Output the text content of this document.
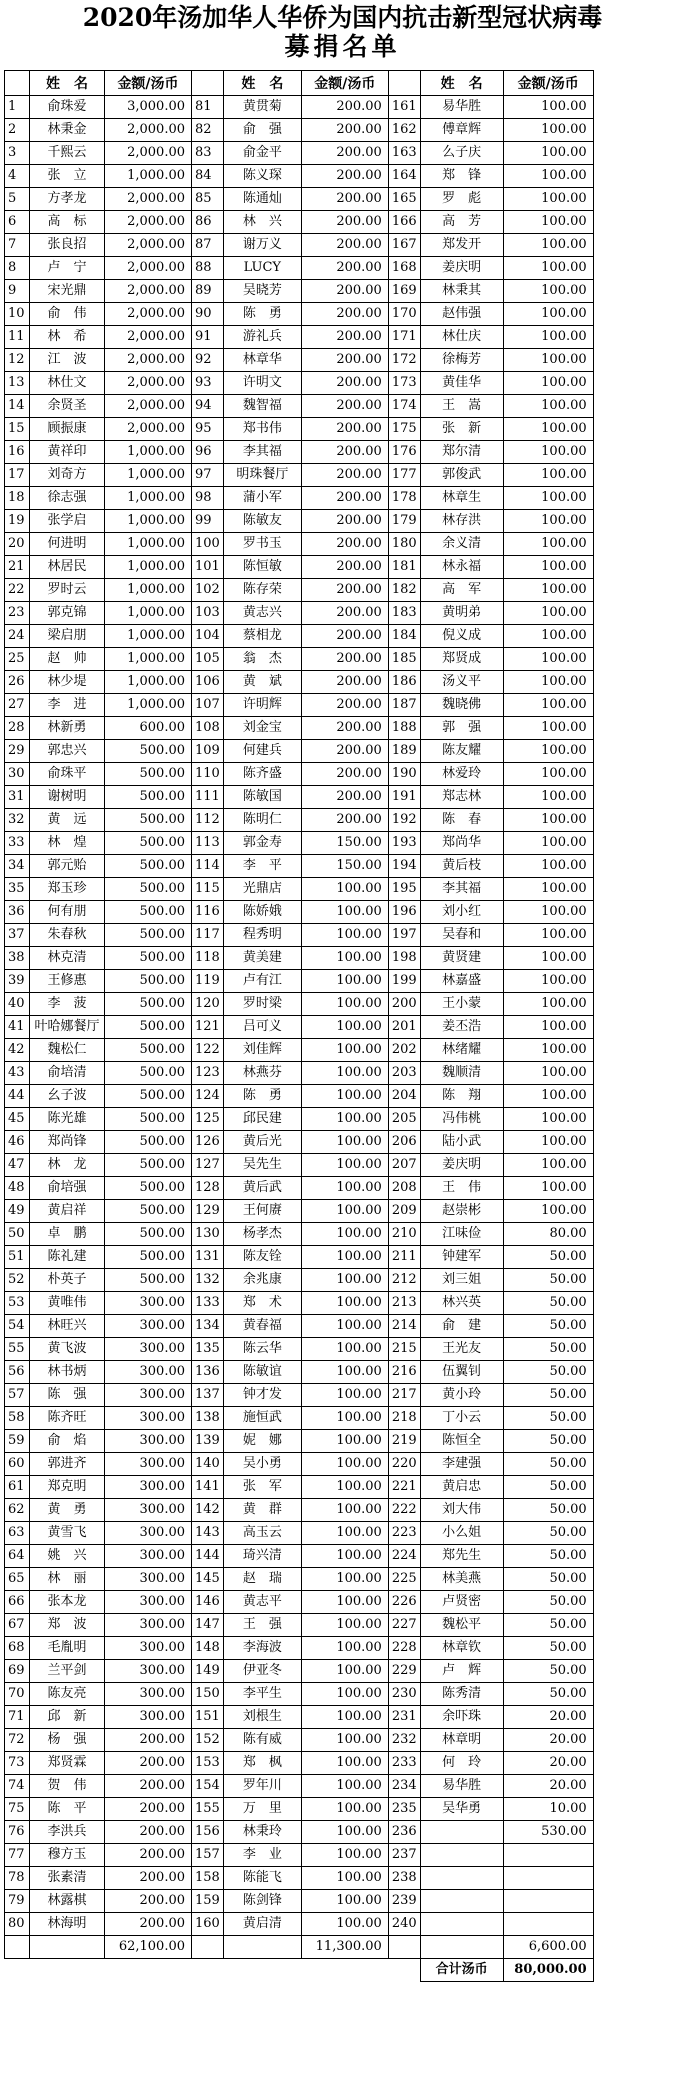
2020年汤加华人华侨为国内抗击新型冠状病毒
募捐名单
	姓　名	金额/汤币		姓　名	金额/汤币		姓　名	金额/汤币
1	俞珠爱	3,000.00	81	黄贯菊	200.00	161	易华胜	100.00
2	林秉金	2,000.00	82	俞　强	200.00	162	傅章辉	100.00
3	千熙云	2,000.00	83	俞金平	200.00	163	么子庆	100.00
4	张　立	1,000.00	84	陈义琛	200.00	164	郑　锋	100.00
5	方孝龙	2,000.00	85	陈通灿	200.00	165	罗　彪	100.00
6	高　标	2,000.00	86	林　兴	200.00	166	高　芳	100.00
7	张良招	2,000.00	87	谢万义	200.00	167	郑发开	100.00
8	卢　宁	2,000.00	88	LUCY	200.00	168	姜庆明	100.00
9	宋光鼎	2,000.00	89	吴晓芳	200.00	169	林秉其	100.00
10	俞　伟	2,000.00	90	陈　勇	200.00	170	赵伟强	100.00
11	林　希	2,000.00	91	游礼兵	200.00	171	林仕庆	100.00
12	江　波	2,000.00	92	林章华	200.00	172	徐梅芳	100.00
13	林仕文	2,000.00	93	许明文	200.00	173	黄佳华	100.00
14	余贤圣	2,000.00	94	魏智福	200.00	174	王　嵩	100.00
15	顾振康	2,000.00	95	郑书伟	200.00	175	张　新	100.00
16	黄祥印	1,000.00	96	李其福	200.00	176	郑尔清	100.00
17	刘奇方	1,000.00	97	明珠餐厅	200.00	177	郭俊武	100.00
18	徐志强	1,000.00	98	蒲小军	200.00	178	林章生	100.00
19	张学启	1,000.00	99	陈敏友	200.00	179	林存洪	100.00
20	何进明	1,000.00	100	罗书玉	200.00	180	余义清	100.00
21	林居民	1,000.00	101	陈恒敏	200.00	181	林永福	100.00
22	罗时云	1,000.00	102	陈存荣	200.00	182	高　军	100.00
23	郭克锦	1,000.00	103	黄志兴	200.00	183	黄明弟	100.00
24	梁启朋	1,000.00	104	蔡相龙	200.00	184	倪义成	100.00
25	赵　帅	1,000.00	105	翁　杰	200.00	185	郑贤成	100.00
26	林少堤	1,000.00	106	黄　斌	200.00	186	汤义平	100.00
27	李　进	1,000.00	107	许明辉	200.00	187	魏晓佛	100.00
28	林新勇	600.00	108	刘金宝	200.00	188	郭　强	100.00
29	郭忠兴	500.00	109	何建兵	200.00	189	陈友耀	100.00
30	俞珠平	500.00	110	陈齐盛	200.00	190	林爱玲	100.00
31	谢树明	500.00	111	陈敏国	200.00	191	郑志林	100.00
32	黄　远	500.00	112	陈明仁	200.00	192	陈　春	100.00
33	林　煌	500.00	113	郭金寿	150.00	193	郑尚华	100.00
34	郭元贻	500.00	114	李　平	150.00	194	黄后枝	100.00
35	郑玉珍	500.00	115	光鼎店	100.00	195	李其福	100.00
36	何有朋	500.00	116	陈娇娥	100.00	196	刘小红	100.00
37	朱春秋	500.00	117	程秀明	100.00	197	吴春和	100.00
38	林克清	500.00	118	黄美建	100.00	198	黄贤建	100.00
39	王修惠	500.00	119	卢有江	100.00	199	林嘉盛	100.00
40	李　菠	500.00	120	罗时梁	100.00	200	王小蒙	100.00
41	叶哈娜餐厅	500.00	121	吕可义	100.00	201	姜丕浩	100.00
42	魏松仁	500.00	122	刘佳辉	100.00	202	林绪耀	100.00
43	俞培清	500.00	123	林燕芬	100.00	203	魏顺清	100.00
44	幺子波	500.00	124	陈　勇	100.00	204	陈　翔	100.00
45	陈光雄	500.00	125	邱民建	100.00	205	冯伟桃	100.00
46	郑尚锋	500.00	126	黄后光	100.00	206	陆小武	100.00
47	林　龙	500.00	127	吴先生	100.00	207	姜庆明	100.00
48	俞培强	500.00	128	黄后武	100.00	208	王　伟	100.00
49	黄启祥	500.00	129	王何赓	100.00	209	赵崇彬	100.00
50	卓　鹏	500.00	130	杨孝杰	100.00	210	江味俭	80.00
51	陈礼建	500.00	131	陈友铨	100.00	211	钟建军	50.00
52	朴英子	500.00	132	余兆康	100.00	212	刘三姐	50.00
53	黄唯伟	300.00	133	郑　术	100.00	213	林兴英	50.00
54	林旺兴	300.00	134	黄春福	100.00	214	俞　建	50.00
55	黄飞波	300.00	135	陈云华	100.00	215	王光友	50.00
56	林书炳	300.00	136	陈敏谊	100.00	216	伍翼钊	50.00
57	陈　强	300.00	137	钟才发	100.00	217	黄小玲	50.00
58	陈齐旺	300.00	138	施恒武	100.00	218	丁小云	50.00
59	俞　焰	300.00	139	妮　娜	100.00	219	陈恒全	50.00
60	郭进齐	300.00	140	吴小勇	100.00	220	李建强	50.00
61	郑克明	300.00	141	张　军	100.00	221	黄启忠	50.00
62	黄　勇	300.00	142	黄　群	100.00	222	刘大伟	50.00
63	黄雪飞	300.00	143	高玉云	100.00	223	小么姐	50.00
64	姚　兴	300.00	144	琦兴清	100.00	224	郑先生	50.00
65	林　丽	300.00	145	赵　瑞	100.00	225	林美燕	50.00
66	张本龙	300.00	146	黄志平	100.00	226	卢贤密	50.00
67	郑　波	300.00	147	王　强	100.00	227	魏松平	50.00
68	毛胤明	300.00	148	李海波	100.00	228	林章钦	50.00
69	兰平剑	300.00	149	伊亚冬	100.00	229	卢　辉	50.00
70	陈友亮	300.00	150	李平生	100.00	230	陈秀清	50.00
71	邱　新	300.00	151	刘根生	100.00	231	余吓珠	20.00
72	杨　强	200.00	152	陈有威	100.00	232	林章明	20.00
73	郑贤霖	200.00	153	郑　枫	100.00	233	何　玲	20.00
74	贺　伟	200.00	154	罗年川	100.00	234	易华胜	20.00
75	陈　平	200.00	155	万　里	100.00	235	吴华勇	10.00
76	李洪兵	200.00	156	林秉玲	100.00	236		530.00
77	穆方玉	200.00	157	李　业	100.00	237		
78	张素清	200.00	158	陈能飞	100.00	238		
79	林露棋	200.00	159	陈剑锋	100.00	239		
80	林海明	200.00	160	黄启清	100.00	240		
		62,100.00			11,300.00			6,600.00
							合计汤币	80,000.00
